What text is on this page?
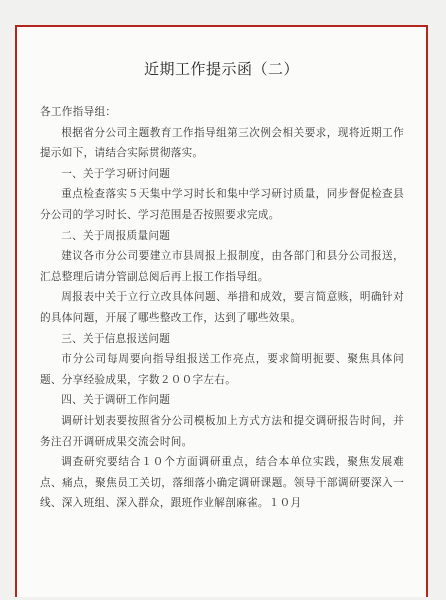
近期工作提示函（二）

各工作指导组：

根据省分公司主题教育工作指导组第三次例会相关要求，现将近期工作提示如下，请结合实际贯彻落实。

一、关于学习研讨问题

重点检查落实５天集中学习时长和集中学习研讨质量，同步督促检查县分公司的学习时长、学习范围是否按照要求完成。

二、关于周报质量问题

建议各市分公司要建立市县周报上报制度，由各部门和县分公司报送，汇总整理后请分管副总阅后再上报工作指导组。

周报表中关于立行立改具体问题、举措和成效，要言简意赅，明确针对的具体问题，开展了哪些整改工作，达到了哪些效果。

三、关于信息报送问题

市分公司每周要向指导组报送工作亮点，要求简明扼要、聚焦具体问题、分享经验成果，字数２００字左右。

四、关于调研工作问题

调研计划表要按照省分公司模板加上方式方法和提交调研报告时间，并务注召开调研成果交流会时间。

调查研究要结合１０个方面调研重点，结合本单位实践，聚焦发展难点、痛点，聚焦员工关切，落细落小确定调研课题。领导干部调研要深入一线、深入班组、深入群众，跟班作业解剖麻雀。１０月
